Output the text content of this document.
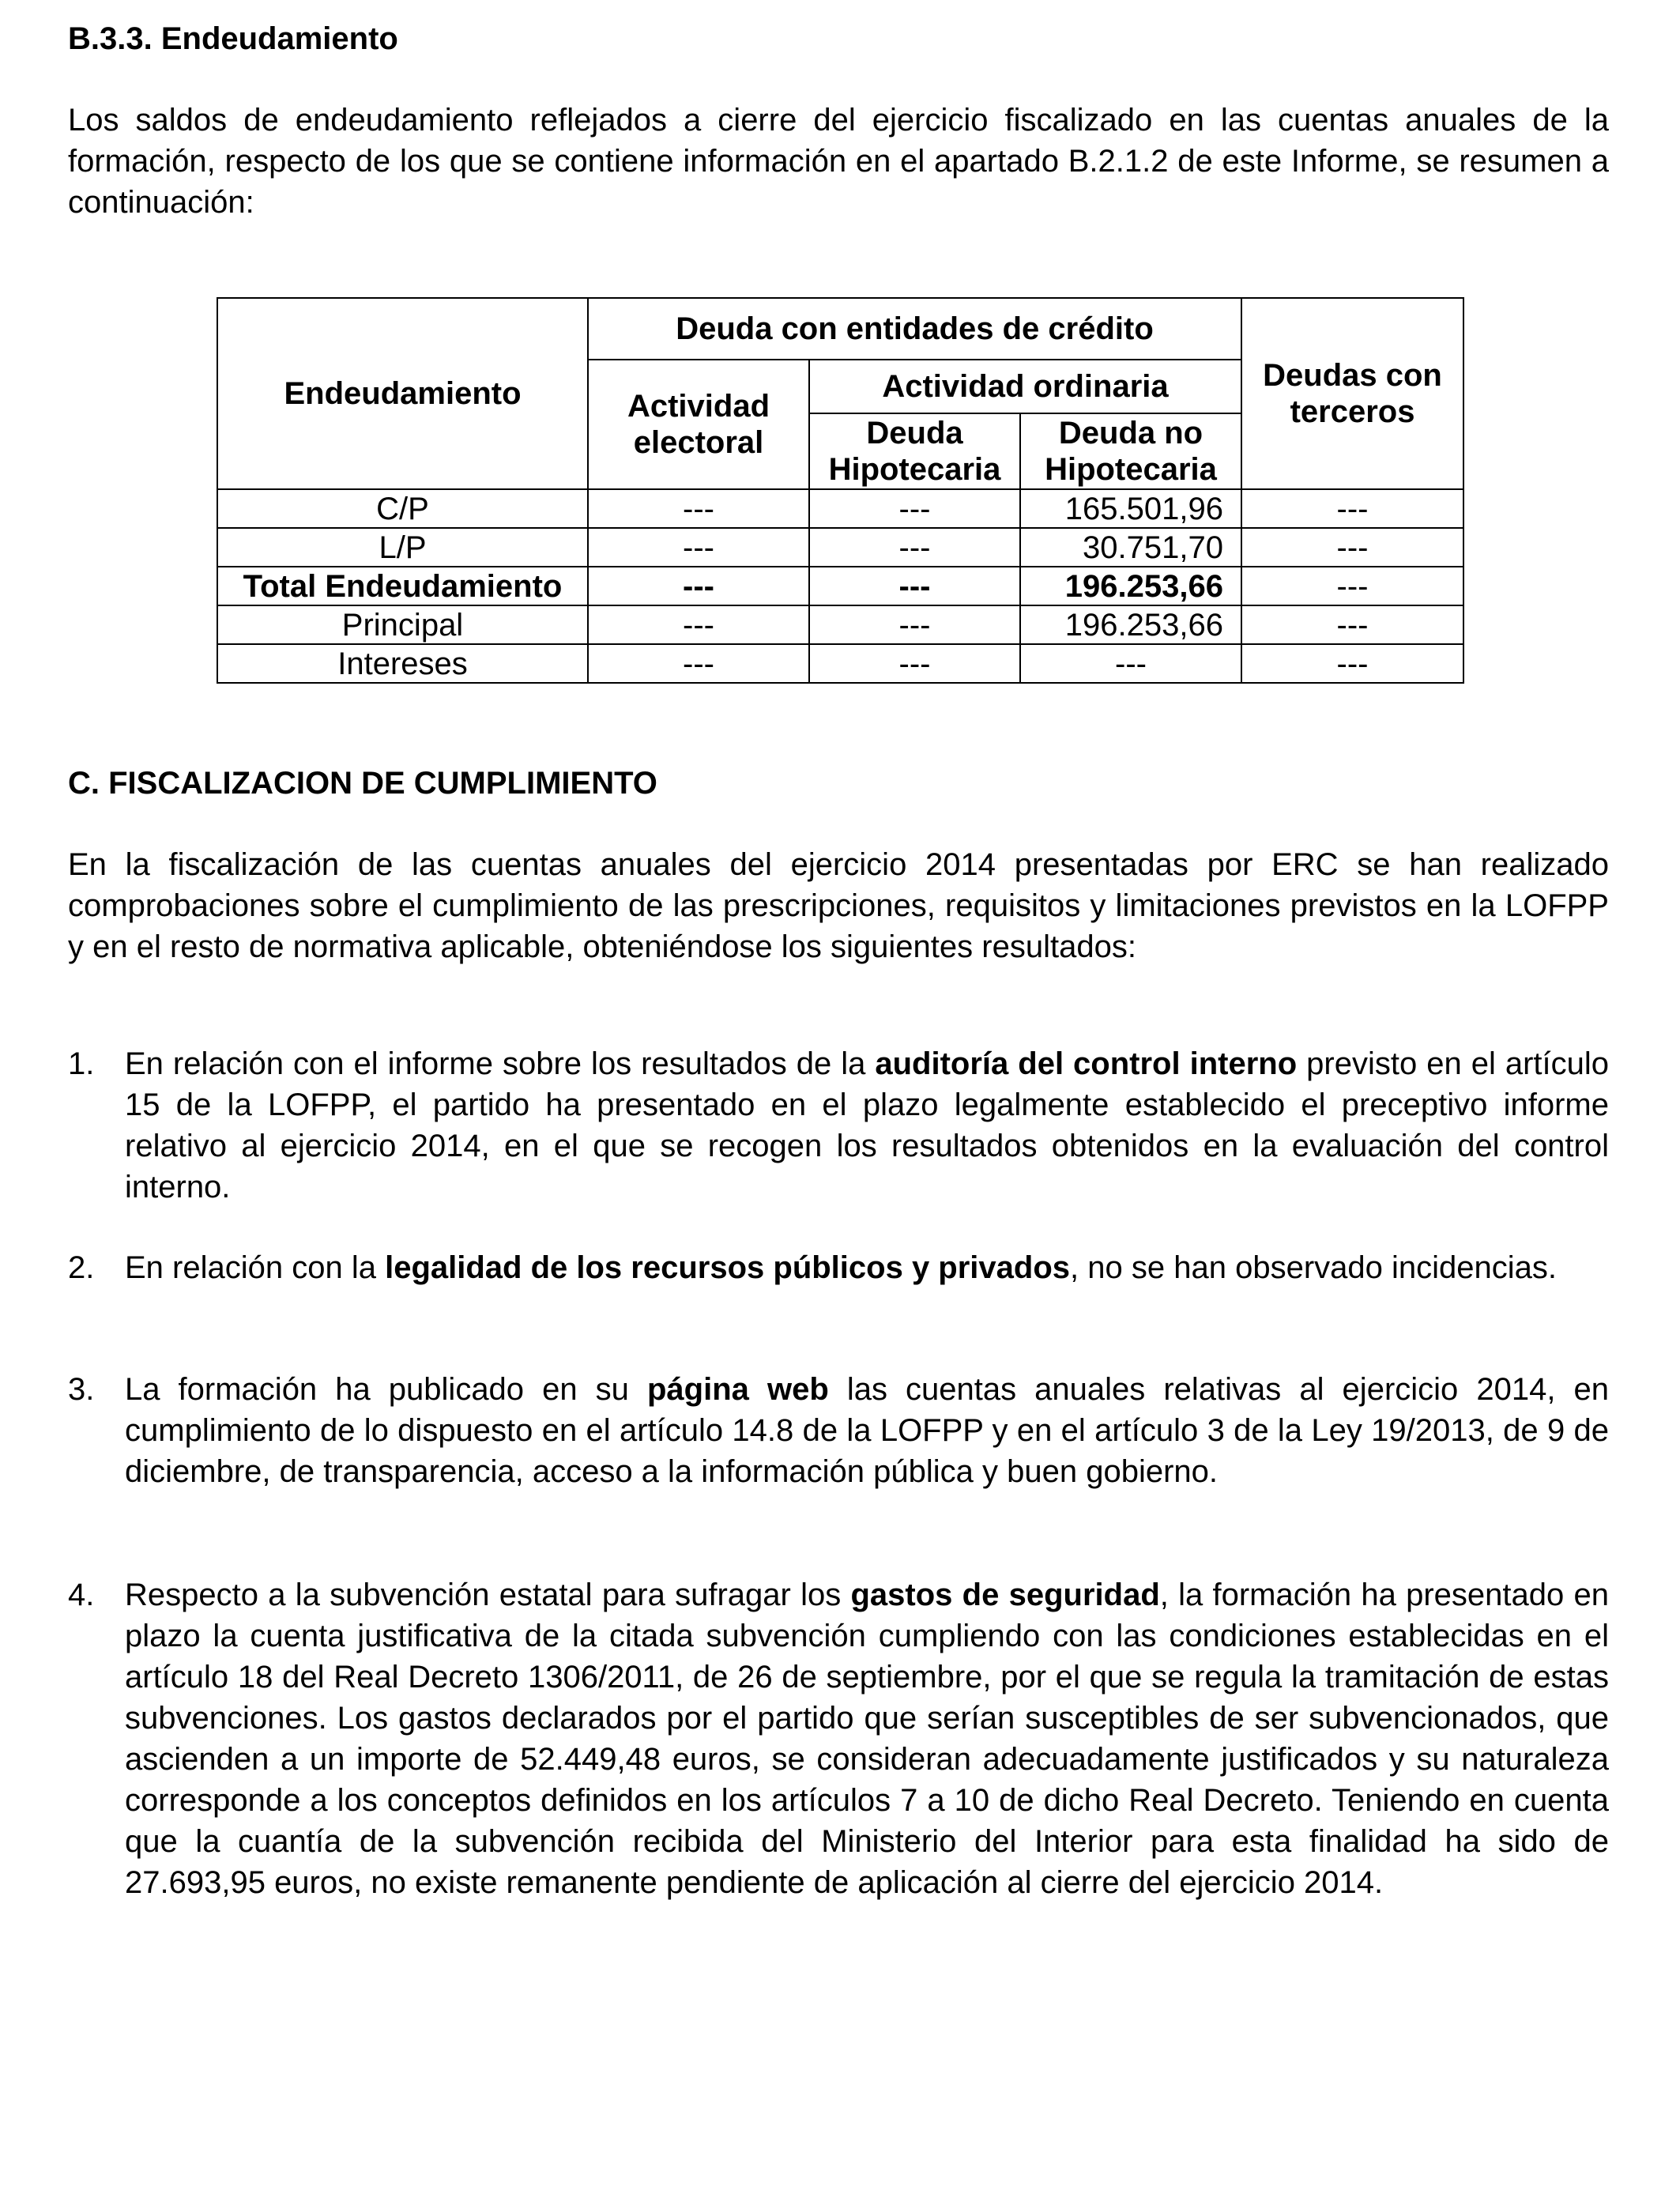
B.3.3. Endeudamiento
Los saldos de endeudamiento reflejados a cierre del ejercicio fiscalizado en las cuentas anuales de la formación, respecto de los que se contiene información en el apartado B.2.1.2 de este Informe, se resumen a continuación:
Endeudamiento	Deuda con entidades de crédito			Deudas con terceros
	Actividad electoral	Actividad ordinaria		
		Deuda Hipotecaria	Deuda no Hipotecaria	
C/P	---	---	165.501,96	---
L/P	---	---	30.751,70	---
Total Endeudamiento	---	---	196.253,66	---
Principal	---	---	196.253,66	---
Intereses	---	---	---	---
C. FISCALIZACION DE CUMPLIMIENTO
En la fiscalización de las cuentas anuales del ejercicio 2014 presentadas por ERC se han realizado comprobaciones sobre el cumplimiento de las prescripciones, requisitos y limitaciones previstos en la LOFPP y en el resto de normativa aplicable, obteniéndose los siguientes resultados:
1. En relación con el informe sobre los resultados de la auditoría del control interno previsto en el artículo 15 de la LOFPP, el partido ha presentado en el plazo legalmente establecido el preceptivo informe relativo al ejercicio 2014, en el que se recogen los resultados obtenidos en la evaluación del control interno.
2. En relación con la legalidad de los recursos públicos y privados, no se han observado incidencias.
3. La formación ha publicado en su página web las cuentas anuales relativas al ejercicio 2014, en cumplimiento de lo dispuesto en el artículo 14.8 de la LOFPP y en el artículo 3 de la Ley 19/2013, de 9 de diciembre, de transparencia, acceso a la información pública y buen gobierno.
4. Respecto a la subvención estatal para sufragar los gastos de seguridad, la formación ha presentado en plazo la cuenta justificativa de la citada subvención cumpliendo con las condiciones establecidas en el artículo 18 del Real Decreto 1306/2011, de 26 de septiembre, por el que se regula la tramitación de estas subvenciones. Los gastos declarados por el partido que serían susceptibles de ser subvencionados, que ascienden a un importe de 52.449,48 euros, se consideran adecuadamente justificados y su naturaleza corresponde a los conceptos definidos en los artículos 7 a 10 de dicho Real Decreto. Teniendo en cuenta que la cuantía de la subvención recibida del Ministerio del Interior para esta finalidad ha sido de 27.693,95 euros, no existe remanente pendiente de aplicación al cierre del ejercicio 2014.
